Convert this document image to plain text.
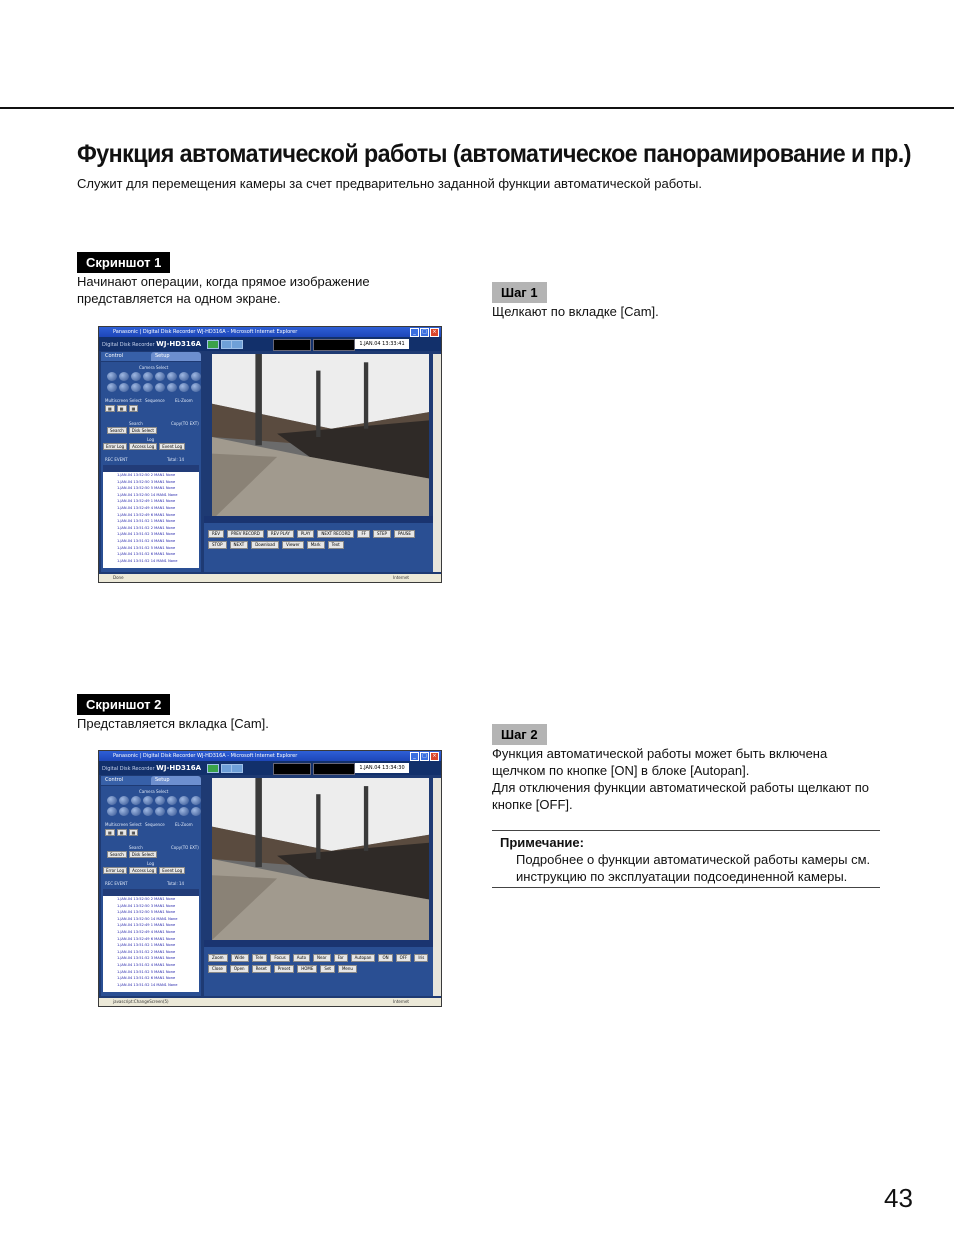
Функция автоматической работы (автоматическое панорамирование и пр.)
Служит для перемещения камеры за счет предварительно заданной функции автоматической работы.
Скриншот 1
Начинают операции, когда прямое изображение
представляется на одном экране.	Шаг 1
Щелкают по вкладке [Cam].
Panasonic | Digital Disk Recorder WJ-HD316A - Microsoft Internet Explorer	_	□	×
Digital Disk Recorder WJ-HD316A	1.JAN.04 13:33:41
Control	Setup
Camera Select
Multiscreen Select Sequence	EL-Zoom
▦	▦	▦
Search	Copy(TO EXT)
Search	Disk Select
Log
Error Log	Access Log	Event Log
REC EVENT	Total: 14
1.JAN.04 13:52:50 2 MAN1 None
1.JAN.04 13:52:50 3 MAN1 None
1.JAN.04 13:52:50 5 MAN1 None
1.JAN.04 13:52:50 14 MAN1 None
1.JAN.04 13:52:49 1 MAN1 None
1.JAN.04 13:52:49 4 MAN1 None
1.JAN.04 13:52:49 6 MAN1 None
1.JAN.04 13:51:52 1 MAN1 None
1.JAN.04 13:51:52 2 MAN1 None
1.JAN.04 13:51:52 3 MAN1 None
1.JAN.04 13:51:52 4 MAN1 None
1.JAN.04 13:51:52 5 MAN1 None
1.JAN.04 13:51:52 6 MAN1 None
1.JAN.04 13:51:52 14 MAN1 None
REV	PREV RECORD	REV PLAY	PLAY	NEXT RECORD	FF	STEP	PAUSE
STOP	NEXT	Download	Viewer	Mark	Text
Done	Internet
Скриншот 2
Представляется вкладка [Cam].
Шаг 2
Функция автоматической работы может быть включена
щелчком по кнопке [ON] в блоке [Autopan].
Для отключения функции автоматической работы щелкают по
кнопке [OFF].
Примечание:
Подробнее о функции автоматической работы камеры см.
инструкцию по эксплуатации подсоединенной камеры.
Panasonic | Digital Disk Recorder WJ-HD316A - Microsoft Internet Explorer	_	□	×
Digital Disk Recorder WJ-HD316A	1.JAN.04 13:34:30
Control	Setup
Camera Select
Multiscreen Select Sequence	EL-Zoom
▦	▦	▦
Search	Copy(TO EXT)
Search	Disk Select
Log
Error Log	Access Log	Event Log
REC EVENT	Total: 14
1.JAN.04 13:52:50 2 MAN1 None
1.JAN.04 13:52:50 3 MAN1 None
1.JAN.04 13:52:50 5 MAN1 None
1.JAN.04 13:52:50 14 MAN1 None
1.JAN.04 13:52:49 1 MAN1 None
1.JAN.04 13:52:49 4 MAN1 None
1.JAN.04 13:52:49 6 MAN1 None
1.JAN.04 13:51:52 1 MAN1 None
1.JAN.04 13:51:52 2 MAN1 None
1.JAN.04 13:51:52 3 MAN1 None
1.JAN.04 13:51:52 4 MAN1 None
1.JAN.04 13:51:52 5 MAN1 None
1.JAN.04 13:51:52 6 MAN1 None
1.JAN.04 13:51:52 14 MAN1 None
Zoom	Wide	Tele	Focus	Auto	Near	Far	Autopan	ON	OFF	Iris
Close	Open	Reset	Preset	HOME	Set	Menu
javascript:ChangeScreen(5)	Internet
43
